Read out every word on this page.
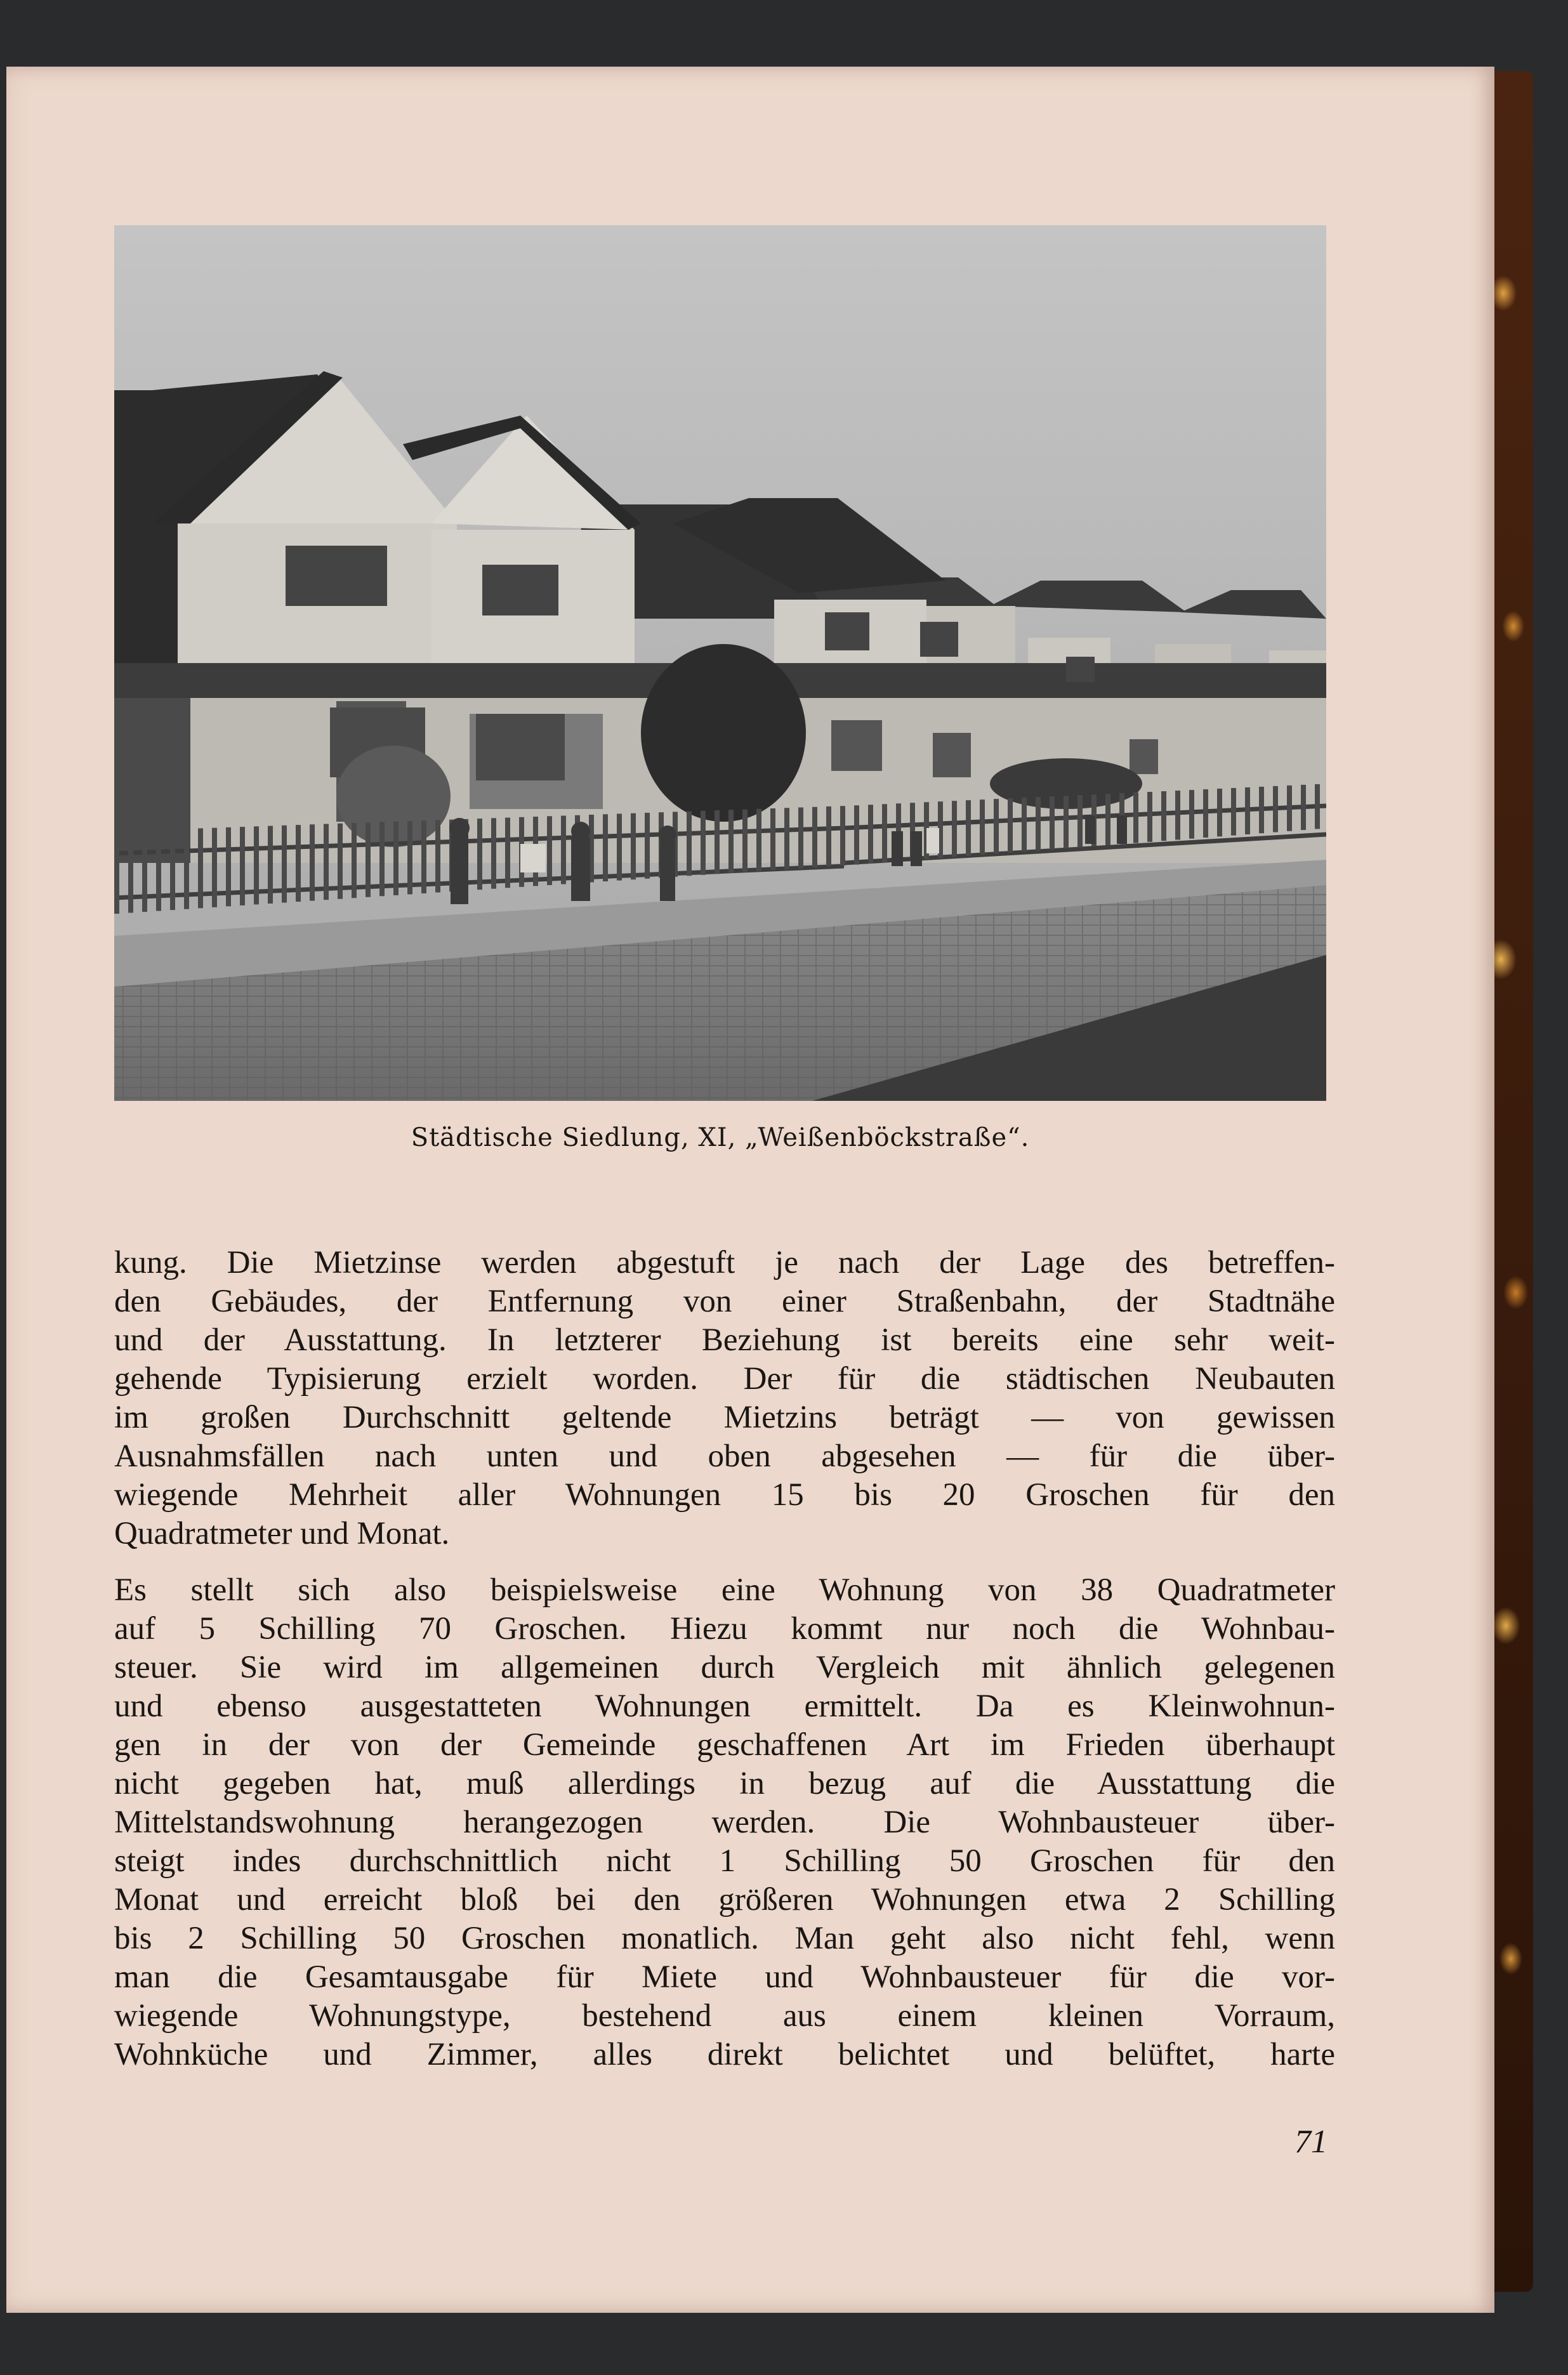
Städtische Siedlung, XI, „Weißenböckstraße“.

kung. Die Mietzinse werden abgestuft je nach der Lage des betreffen-
den Gebäudes, der Entfernung von einer Straßenbahn, der Stadtnähe
und der Ausstattung. In letzterer Beziehung ist bereits eine sehr weit-
gehende Typisierung erzielt worden. Der für die städtischen Neubauten
im großen Durchschnitt geltende Mietzins beträgt — von gewissen
Ausnahmsfällen nach unten und oben abgesehen — für die über-
wiegende Mehrheit aller Wohnungen 15 bis 20 Groschen für den
Quadratmeter und Monat.

Es stellt sich also beispielsweise eine Wohnung von 38 Quadratmeter
auf 5 Schilling 70 Groschen. Hiezu kommt nur noch die Wohnbau-
steuer. Sie wird im allgemeinen durch Vergleich mit ähnlich gelegenen
und ebenso ausgestatteten Wohnungen ermittelt. Da es Kleinwohnun-
gen in der von der Gemeinde geschaffenen Art im Frieden überhaupt
nicht gegeben hat, muß allerdings in bezug auf die Ausstattung die
Mittelstandswohnung herangezogen werden. Die Wohnbausteuer über-
steigt indes durchschnittlich nicht 1 Schilling 50 Groschen für den
Monat und erreicht bloß bei den größeren Wohnungen etwa 2 Schilling
bis 2 Schilling 50 Groschen monatlich. Man geht also nicht fehl, wenn
man die Gesamtausgabe für Miete und Wohnbausteuer für die vor-
wiegende Wohnungstype, bestehend aus einem kleinen Vorraum,
Wohnküche und Zimmer, alles direkt belichtet und belüftet, harte

71
